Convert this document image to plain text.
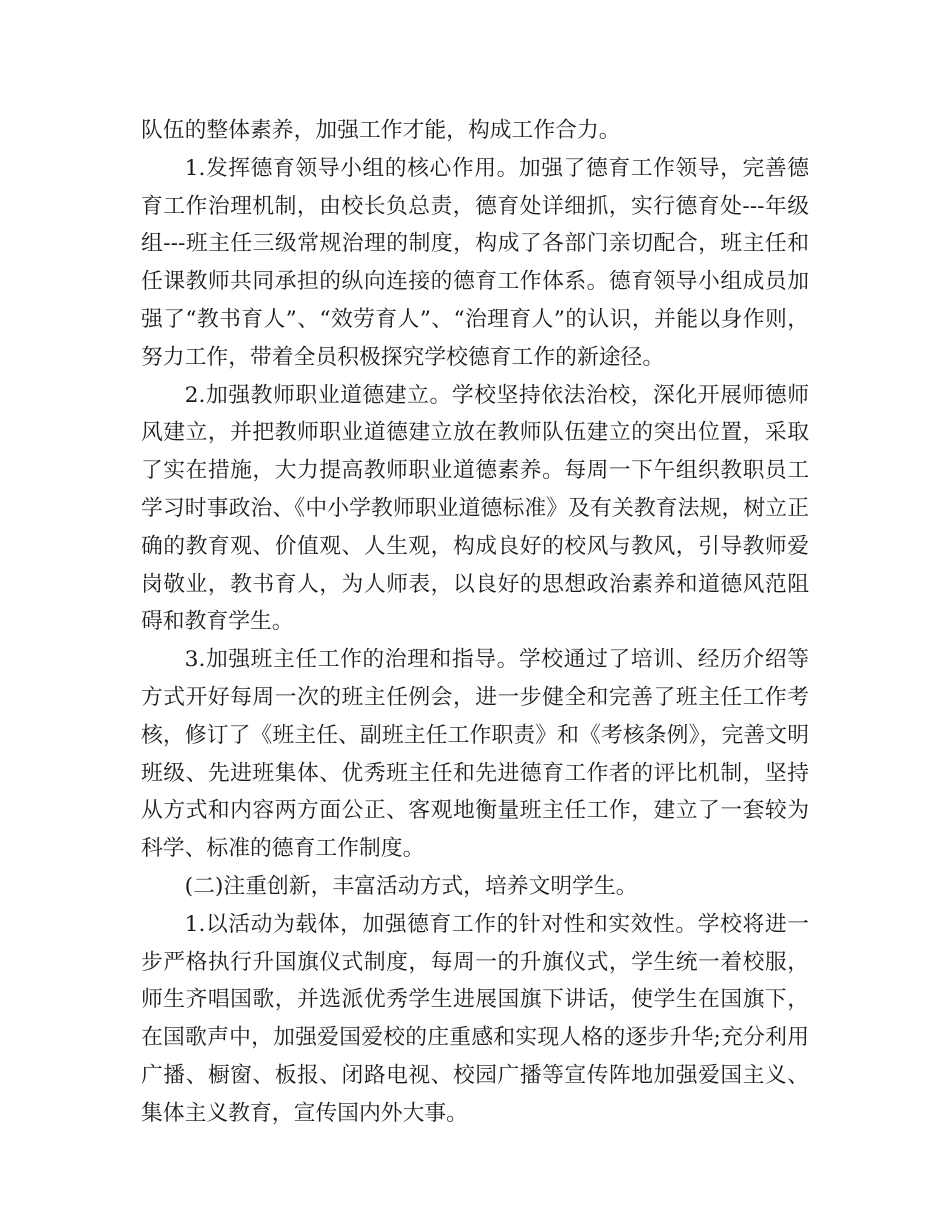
队伍的整体素养，加强工作才能，构成工作合力。

1.发挥德育领导小组的核心作用。加强了德育工作领导，完善德育工作治理机制，由校长负总责，德育处详细抓，实行德育处---年级组---班主任三级常规治理的制度，构成了各部门亲切配合，班主任和任课教师共同承担的纵向连接的德育工作体系。德育领导小组成员加强了“教书育人”、“效劳育人”、“治理育人”的认识，并能以身作则，努力工作，带着全员积极探究学校德育工作的新途径。

2.加强教师职业道德建立。学校坚持依法治校，深化开展师德师风建立，并把教师职业道德建立放在教师队伍建立的突出位置，采取了实在措施，大力提高教师职业道德素养。每周一下午组织教职员工学习时事政治、《中小学教师职业道德标准》及有关教育法规，树立正确的教育观、价值观、人生观，构成良好的校风与教风，引导教师爱岗敬业，教书育人，为人师表，以良好的思想政治素养和道德风范阻碍和教育学生。

3.加强班主任工作的治理和指导。学校通过了培训、经历介绍等方式开好每周一次的班主任例会，进一步健全和完善了班主任工作考核，修订了《班主任、副班主任工作职责》和《考核条例》，完善文明班级、先进班集体、优秀班主任和先进德育工作者的评比机制，坚持从方式和内容两方面公正、客观地衡量班主任工作，建立了一套较为科学、标准的德育工作制度。

(二)注重创新，丰富活动方式，培养文明学生。

1.以活动为载体，加强德育工作的针对性和实效性。学校将进一步严格执行升国旗仪式制度，每周一的升旗仪式，学生统一着校服，师生齐唱国歌，并选派优秀学生进展国旗下讲话，使学生在国旗下，在国歌声中，加强爱国爱校的庄重感和实现人格的逐步升华;充分利用广播、橱窗、板报、闭路电视、校园广播等宣传阵地加强爱国主义、集体主义教育，宣传国内外大事。
